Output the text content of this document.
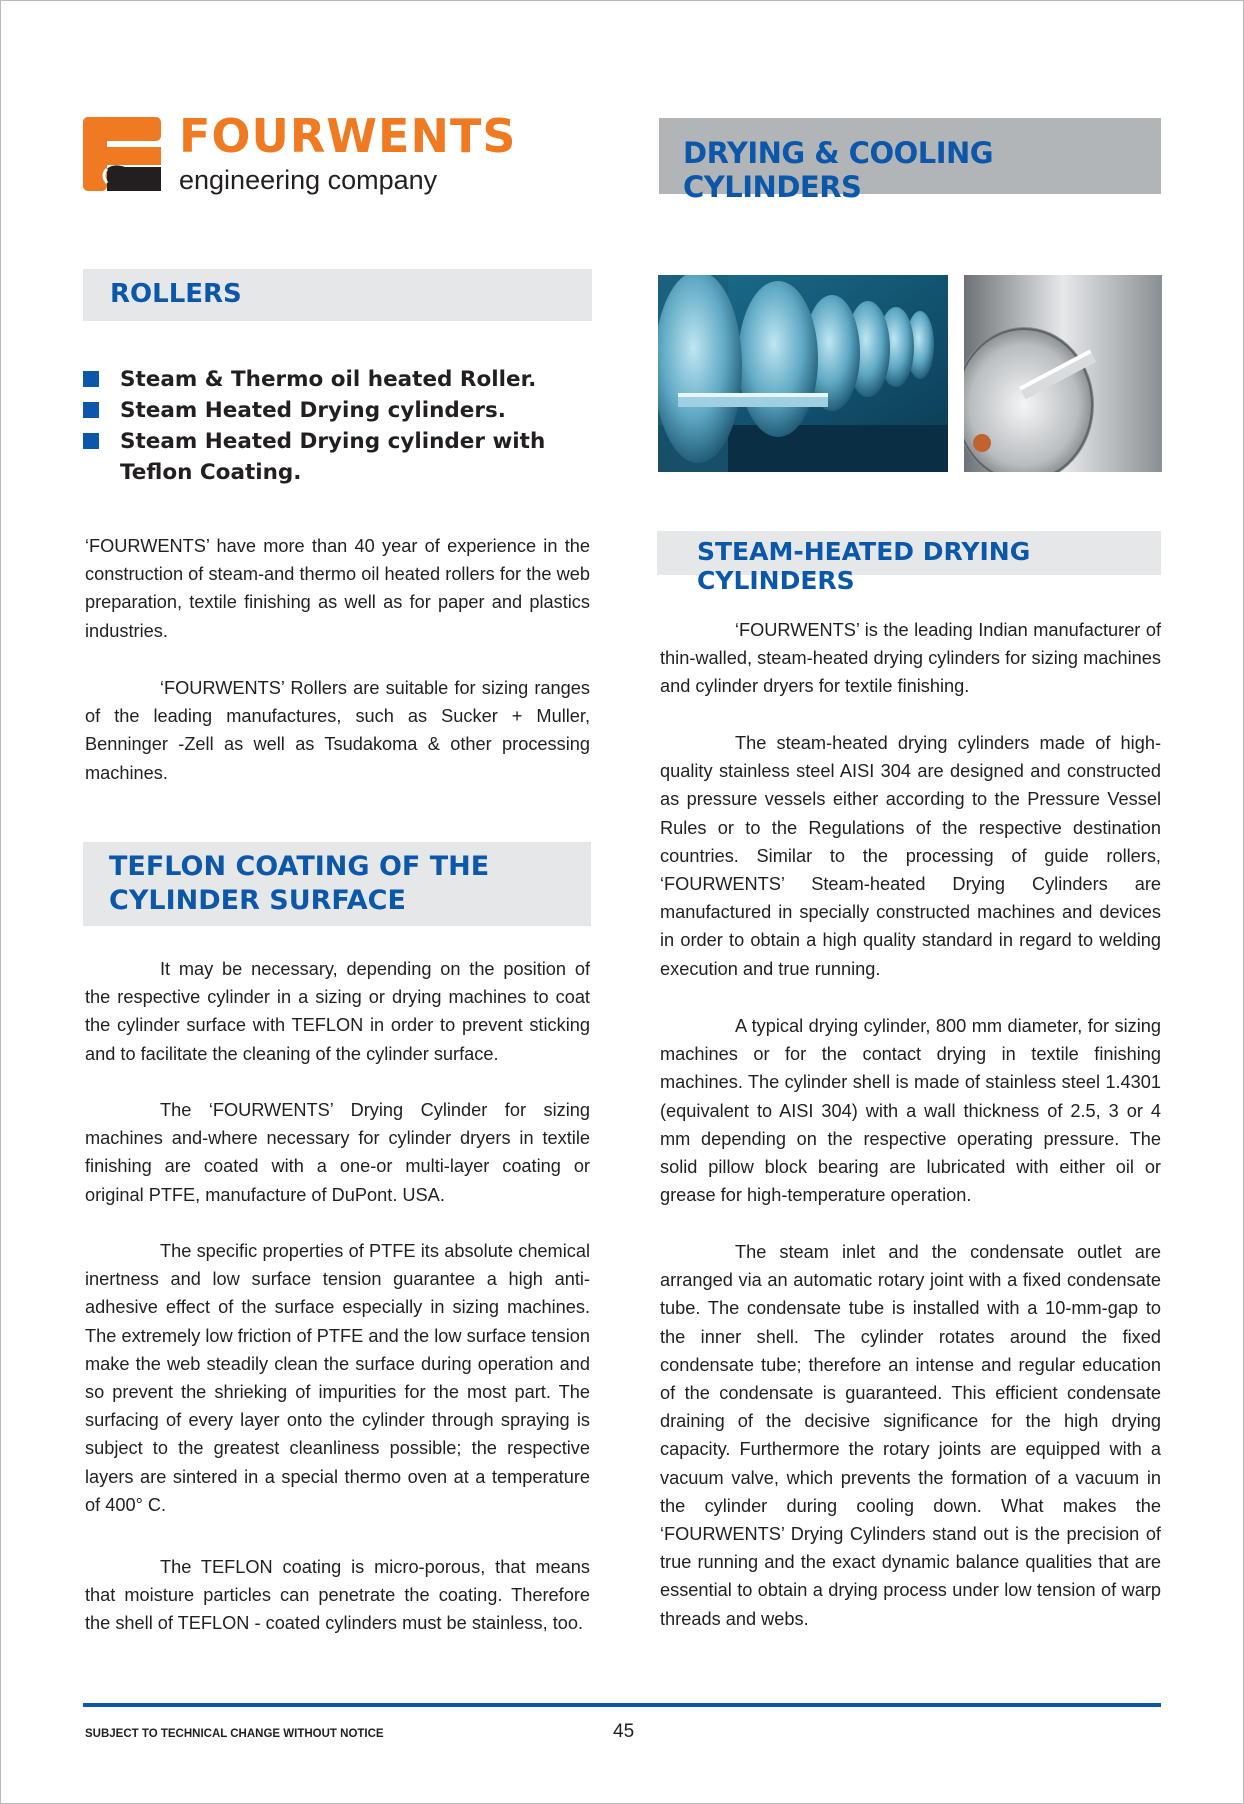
FOURWENTS
engineering company
DRYING & COOLING CYLINDERS
ROLLERS
Steam & Thermo oil heated Roller.
Steam Heated Drying cylinders.
Steam Heated Drying cylinder with Teflon Coating.

‘FOURWENTS’ have more than 40 year of experience in the construction of steam-and thermo oil heated rollers for the web preparation, textile finishing as well as for paper and plastics industries.

‘FOURWENTS’ Rollers are suitable for sizing ranges of the leading manufactures, such as Sucker + Muller, Benninger -Zell as well as Tsudakoma & other processing machines.

TEFLON COATING OF THE
CYLINDER SURFACE

It may be necessary, depending on the position of the respective cylinder in a sizing or drying machines to coat the cylinder surface with TEFLON in order to prevent sticking and to facilitate the cleaning of the cylinder surface.

The ‘FOURWENTS’ Drying Cylinder for sizing machines and-where necessary for cylinder dryers in textile finishing are coated with a one-or multi-layer coating or original PTFE, manufacture of DuPont. USA.

The specific properties of PTFE its absolute chemical inertness and low surface tension guarantee a high anti-adhesive effect of the surface especially in sizing machines. The extremely low friction of PTFE and the low surface tension make the web steadily clean the surface during operation and so prevent the shrieking of impurities for the most part. The surfacing of every layer onto the cylinder through spraying is subject to the greatest cleanliness possible; the respective layers are sintered in a special thermo oven at a temperature of 400° C.

The TEFLON coating is micro-porous, that means that moisture particles can penetrate the coating. Therefore the shell of TEFLON - coated cylinders must be stainless, too.

STEAM-HEATED DRYING CYLINDERS

‘FOURWENTS’ is the leading Indian manufacturer of thin-walled, steam-heated drying cylinders for sizing machines and cylinder dryers for textile finishing.

The steam-heated drying cylinders made of high-quality stainless steel AISI 304 are designed and constructed as pressure vessels either according to the Pressure Vessel Rules or to the Regulations of the respective destination countries. Similar to the processing of guide rollers, ‘FOURWENTS’ Steam-heated Drying Cylinders are manufactured in specially constructed machines and devices in order to obtain a high quality standard in regard to welding execution and true running.

A typical drying cylinder, 800 mm diameter, for sizing machines or for the contact drying in textile finishing machines. The cylinder shell is made of stainless steel 1.4301 (equivalent to AISI 304) with a wall thickness of 2.5, 3 or 4 mm depending on the respective operating pressure. The solid pillow block bearing are lubricated with either oil or grease for high-temperature operation.

The steam inlet and the condensate outlet are arranged via an automatic rotary joint with a fixed condensate tube. The condensate tube is installed with a 10-mm-gap to the inner shell. The cylinder rotates around the fixed condensate tube; therefore an intense and regular education of the condensate is guaranteed. This efficient condensate draining of the decisive significance for the high drying capacity. Furthermore the rotary joints are equipped with a vacuum valve, which prevents the formation of a vacuum in the cylinder during cooling down. What makes the ‘FOURWENTS’ Drying Cylinders stand out is the precision of true running and the exact dynamic balance qualities that are essential to obtain a drying process under low tension of warp threads and webs.

SUBJECT TO TECHNICAL CHANGE WITHOUT NOTICE	45
